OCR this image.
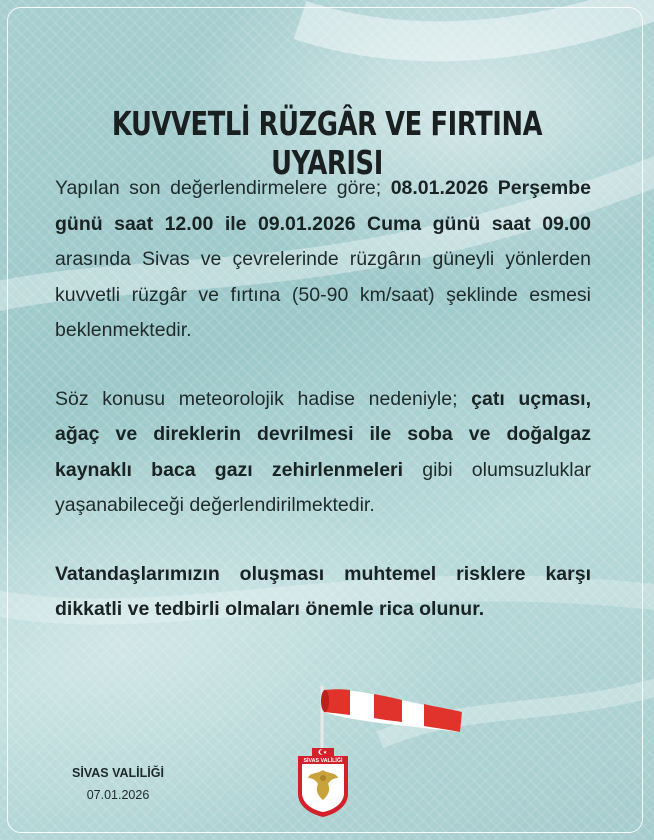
KUVVETLİ RÜZGÂR VE FIRTINA UYARISI

Yapılan son değerlendirmelere göre; 08.01.2026 Perşembe günü saat 12.00 ile 09.01.2026 Cuma günü saat 09.00 arasında Sivas ve çevrelerinde rüzgârın güneyli yönlerden kuvvetli rüzgâr ve fırtına (50-90 km/saat) şeklinde esmesi beklenmektedir.

Söz konusu meteorolojik hadise nedeniyle; çatı uçması, ağaç ve direklerin devrilmesi ile soba ve doğalgaz kaynaklı baca gazı zehirlenmeleri gibi olumsuzluklar yaşanabileceği değerlendirilmektedir.

Vatandaşlarımızın oluşması muhtemel risklere karşı dikkatli ve tedbirli olmaları önemle rica olunur.

SİVAS VALİLİĞİ
SİVAS VALİLİĞİ
07.01.2026
